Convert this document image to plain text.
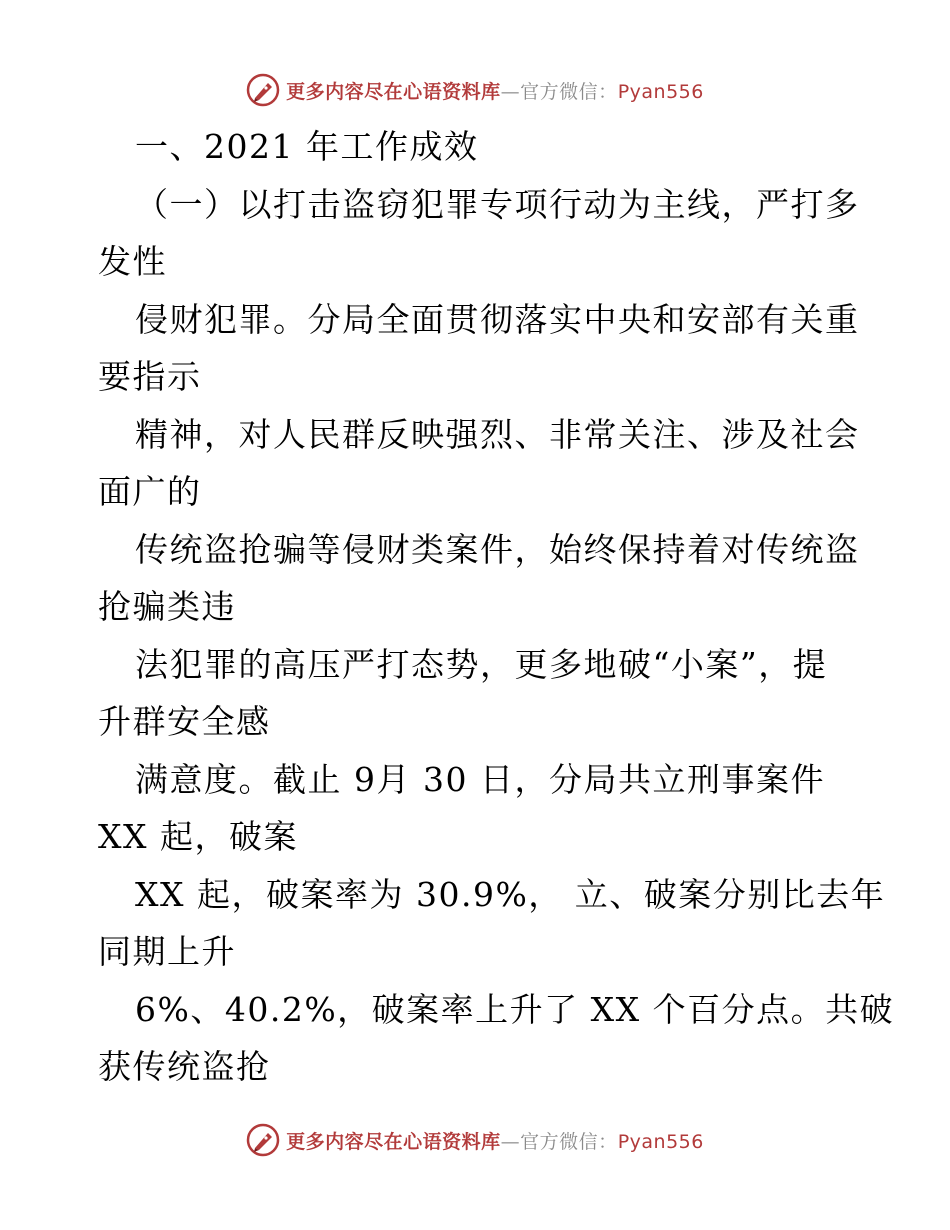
更多内容尽在心语资料库—官方微信：Pyan556
一、2021 年工作成效
（一）以打击盗窃犯罪专项行动为主线，严打多
发性
侵财犯罪。分局全面贯彻落实中央和安部有关重
要指示
精神，对人民群反映强烈、非常关注、涉及社会
面广的
传统盗抢骗等侵财类案件，始终保持着对传统盗
抢骗类违
法犯罪的高压严打态势，更多地破“小案”，提
升群安全感
满意度。截止 9月 30 日，分局共立刑事案件
XX 起，破案
XX 起，破案率为 30.9%， 立、破案分别比去年
同期上升
6%、40.2%，破案率上升了 XX 个百分点。共破
获传统盗抢
更多内容尽在心语资料库—官方微信：Pyan556
